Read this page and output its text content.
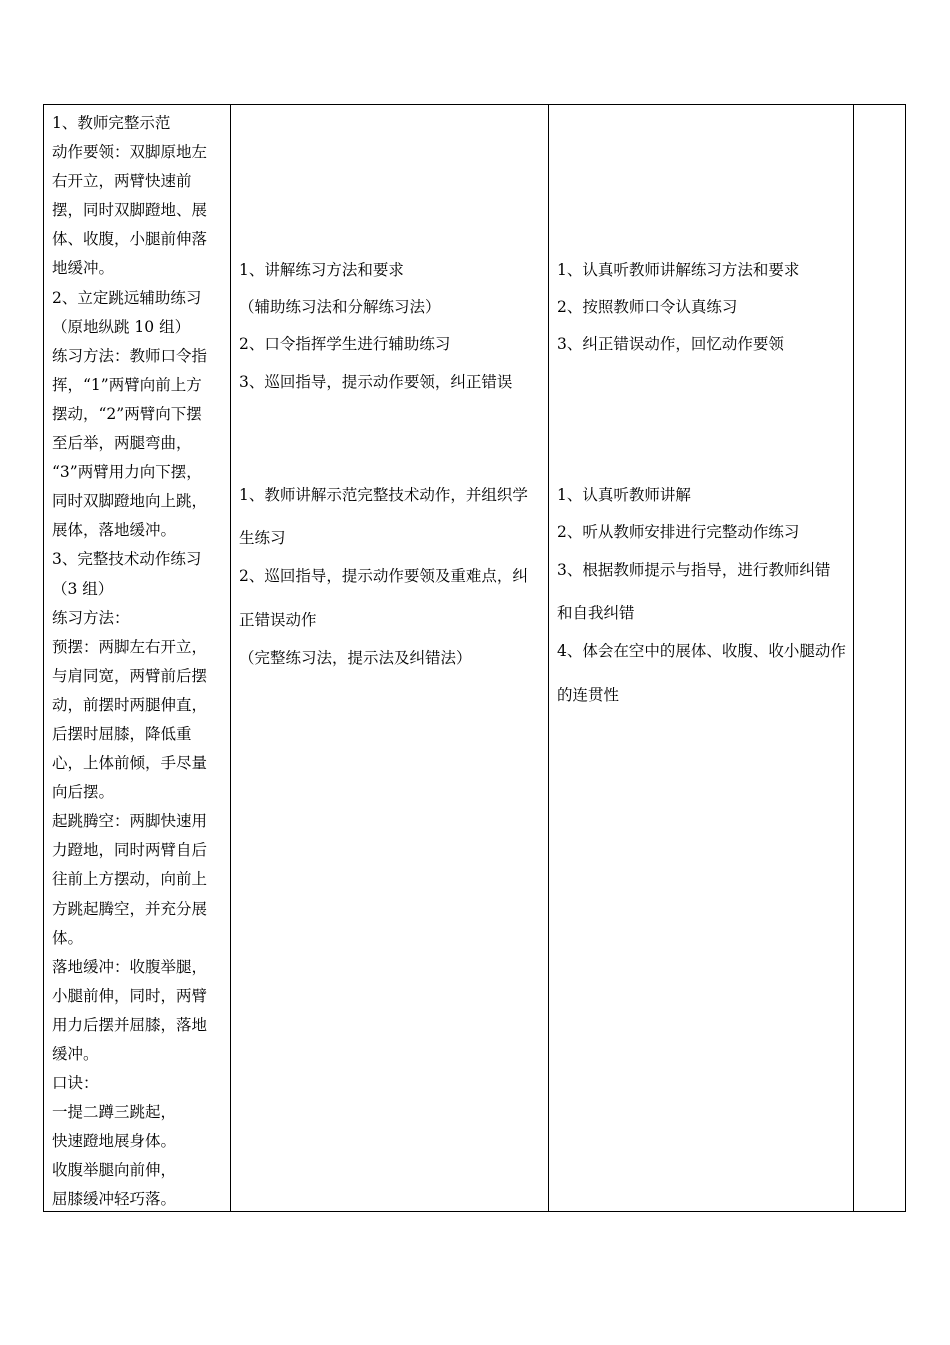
1、教师完整示范
动作要领：双脚原地左
右开立，两臂快速前
摆，同时双脚蹬地、展
体、收腹，小腿前伸落
地缓冲。
2、立定跳远辅助练习
（原地纵跳 10 组）
练习方法：教师口令指
挥，“1”两臂向前上方
摆动，“2”两臂向下摆
至后举，两腿弯曲，
“3”两臂用力向下摆，
同时双脚蹬地向上跳，
展体，落地缓冲。
3、完整技术动作练习
（3 组）
练习方法：
预摆：两脚左右开立，
与肩同宽，两臂前后摆
动，前摆时两腿伸直，
后摆时屈膝，降低重
心，上体前倾，手尽量
向后摆。
起跳腾空：两脚快速用
力蹬地，同时两臂自后
往前上方摆动，向前上
方跳起腾空，并充分展
体。
落地缓冲：收腹举腿，
小腿前伸，同时，两臂
用力后摆并屈膝，落地
缓冲。
口诀：
一提二蹲三跳起，
快速蹬地展身体。
收腹举腿向前伸，
屈膝缓冲轻巧落。
1、讲解练习方法和要求
（辅助练习法和分解练习法）
2、口令指挥学生进行辅助练习
3、巡回指导，提示动作要领，纠正错误
1、教师讲解示范完整技术动作，并组织学
生练习
2、巡回指导，提示动作要领及重难点，纠
正错误动作
（完整练习法，提示法及纠错法）
1、认真听教师讲解练习方法和要求
2、按照教师口令认真练习
3、纠正错误动作，回忆动作要领
1、认真听教师讲解
2、听从教师安排进行完整动作练习
3、根据教师提示与指导，进行教师纠错
和自我纠错
4、体会在空中的展体、收腹、收小腿动作
的连贯性
